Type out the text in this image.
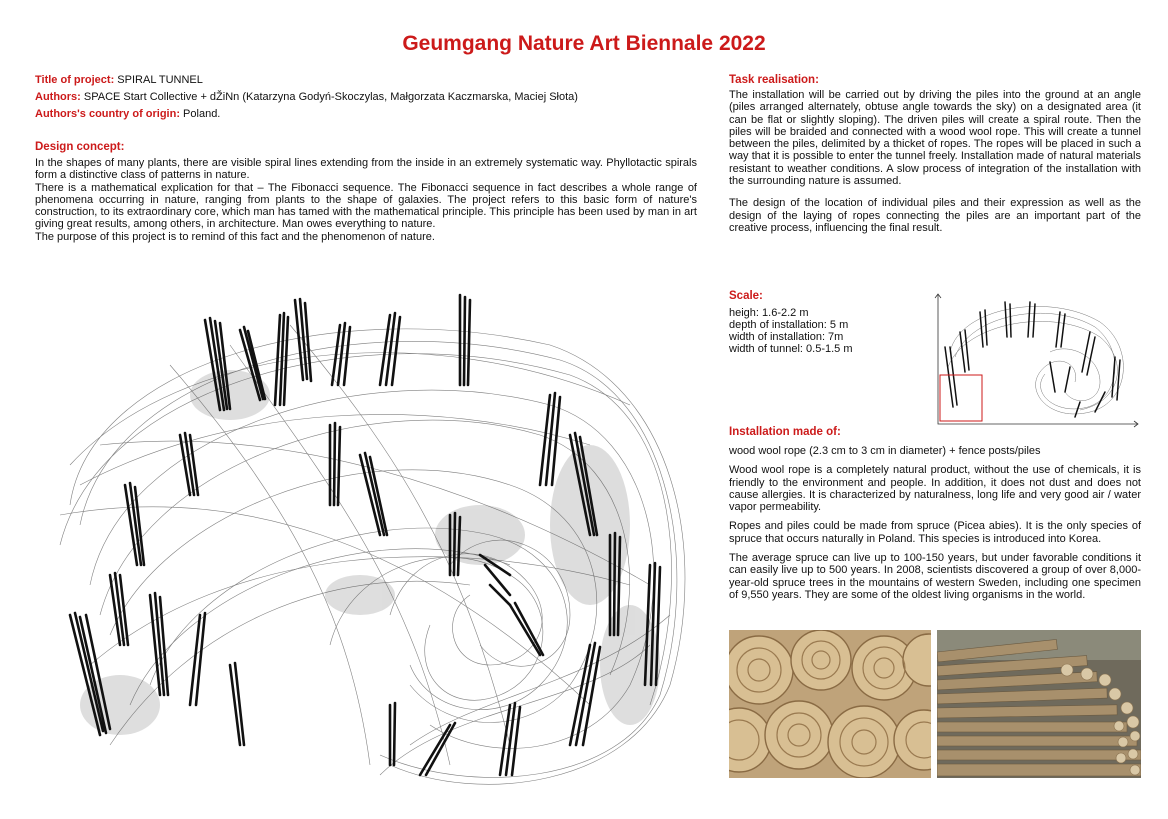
Geumgang Nature Art Biennale 2022
Title of project: SPIRAL TUNNEL
Authors: SPACE Start Collective + dŽiNn (Katarzyna Godyń-Skoczylas, Małgorzata Kaczmarska, Maciej Słota)
Authors's country of origin: Poland.
Design concept:

In the shapes of many plants, there are visible spiral lines extending from the inside in an extremely systematic way. Phyllotactic spirals form a distinctive class of patterns in nature.

There is a mathematical explication for that – The Fibonacci sequence. The Fibonacci sequence in fact describes a whole range of phenomena occurring in nature, ranging from plants to the shape of galaxies. The project refers to this basic form of nature's construction, to its extraordinary core, which man has tamed with the mathematical principle. This principle has been used by man in art giving great results, among others, in architecture. Man owes everything to nature.

The purpose of this project is to remind of this fact and the phenomenon of nature.

Task realisation:

The installation will be carried out by driving the piles into the ground at an angle (piles arranged alternately, obtuse angle towards the sky) on a designated area (it can be flat or slightly sloping). The driven piles will create a spiral route. Then the piles will be braided and connected with a wood wool rope. This will create a tunnel between the piles, delimited by a thicket of ropes. The ropes will be placed in such a way that it is possible to enter the tunnel freely. Installation made of natural materials resistant to weather conditions. A slow process of integration of the installation with the surrounding nature is assumed.

The design of the location of individual piles and their expression as well as the design of the laying of ropes connecting the piles are an important part of the creative process, influencing the final result.

Scale:
heigh: 1.6-2.2 m
depth of installation: 5 m
width of installation: 7m
width of tunnel: 0.5-1.5 m
Installation made of:

wood wool rope (2.3 cm to 3 cm in diameter) + fence posts/piles

Wood wool rope is a completely natural product, without the use of chemicals, it is friendly to the environment and people. In addition, it does not dust and does not cause allergies. It is characterized by naturalness, long life and very good air / water vapor permeability.

Ropes and piles could be made from spruce (Picea abies). It is the only species of spruce that occurs naturally in Poland. This species is introduced into Korea.

The average spruce can live up to 100-150 years, but under favorable conditions it can easily live up to 500 years. In 2008, scientists discovered a group of over 8,000-year-old spruce trees in the mountains of western Sweden, including one specimen of 9,550 years. They are some of the oldest living organisms in the world.
